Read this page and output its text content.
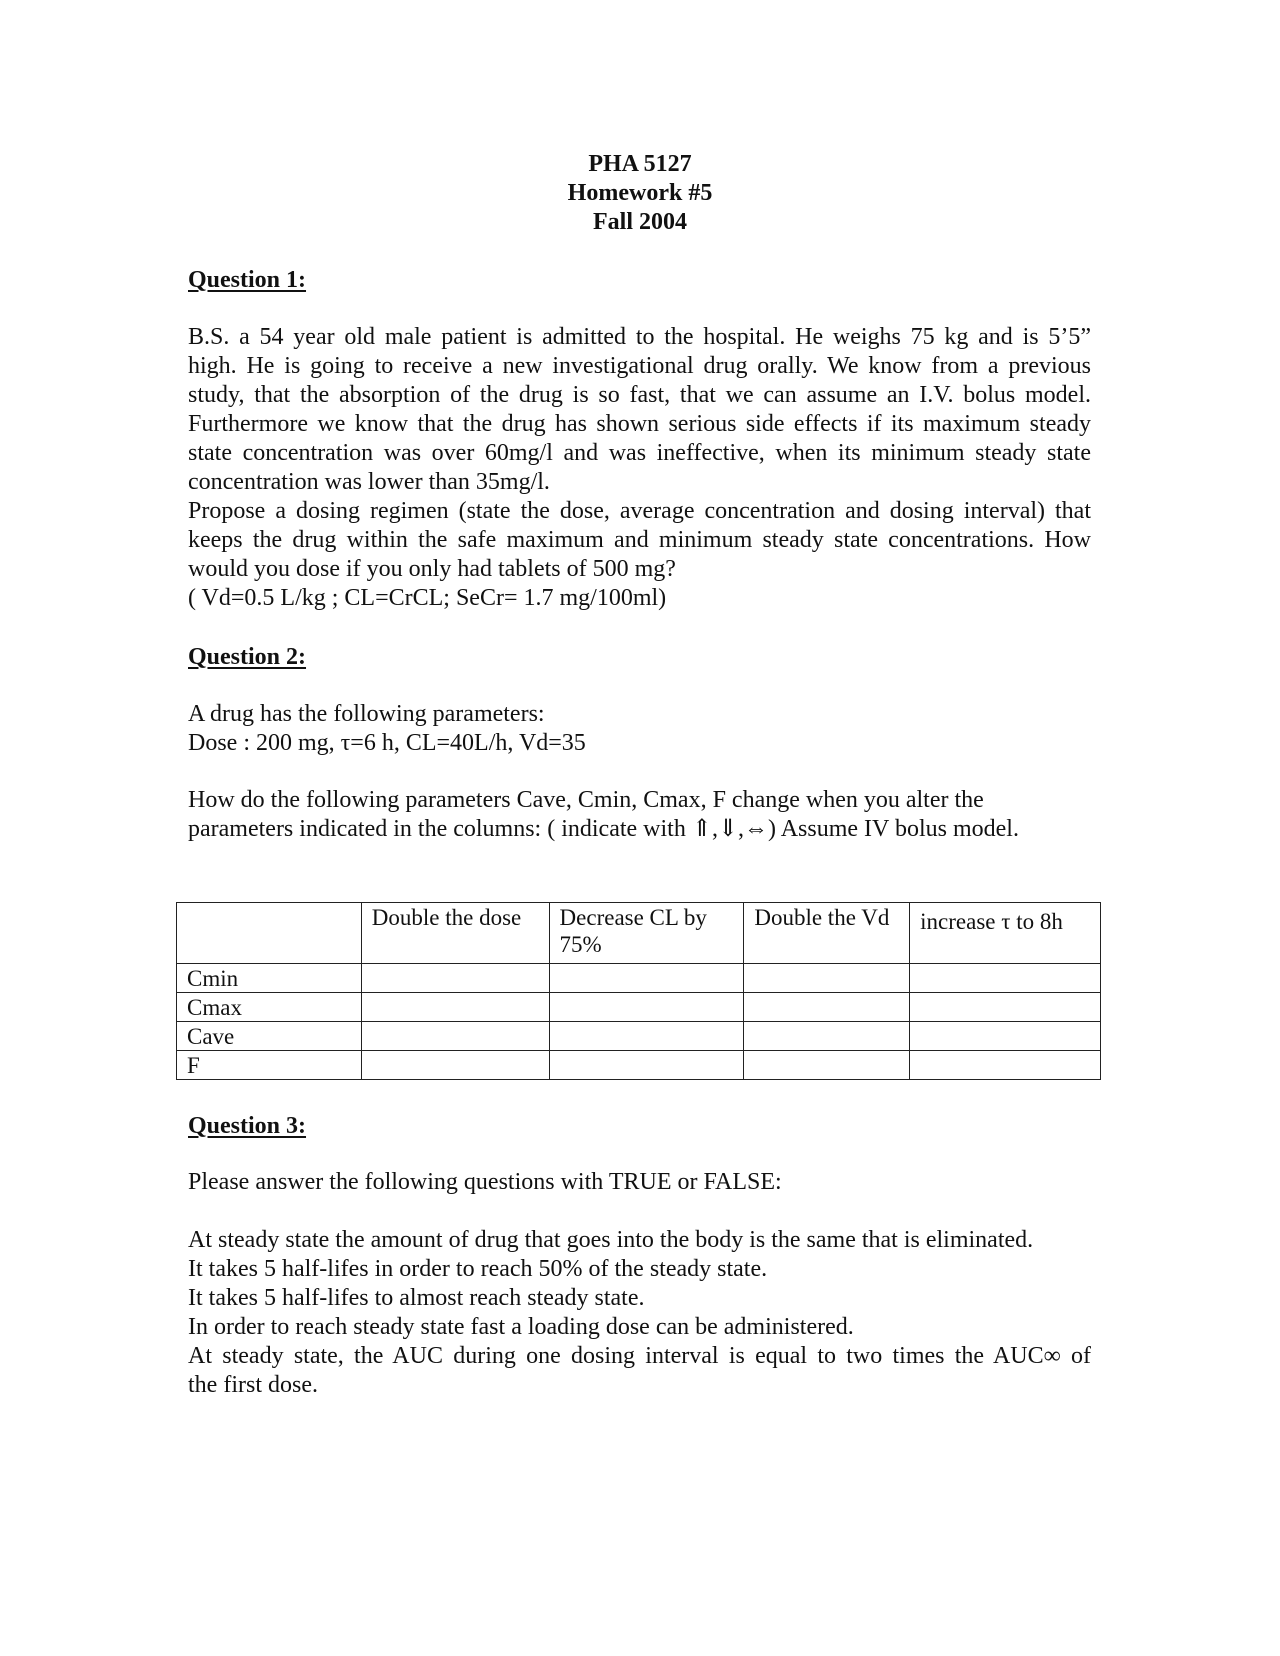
PHA 5127
Homework #5
Fall 2004
Question 1:
B.S. a 54 year old male patient is admitted to the hospital. He weighs 75 kg and is 5’5”
high. He is going to receive a new investigational drug orally. We know from a previous
study, that the absorption of the drug is so fast, that we can assume an I.V. bolus model.
Furthermore we know that the drug has shown serious side effects if its maximum steady
state concentration was over 60mg/l and was ineffective, when its minimum steady state
concentration was lower than 35mg/l.
Propose a dosing regimen (state the dose, average concentration and dosing interval) that
keeps the drug within the safe maximum and minimum steady state concentrations. How
would you dose if you only had tablets of 500 mg?
( Vd=0.5 L/kg ; CL=CrCL; SeCr= 1.7 mg/100ml)
Question 2:
A drug has the following parameters:
Dose : 200 mg, τ=6 h, CL=40L/h, Vd=35
How do the following parameters Cave, Cmin, Cmax, F change when you alter the
parameters indicated in the columns: ( indicate with ⇑,⇓,⇔) Assume IV bolus model.
	Double the dose	Decrease CL by 75%	Double the Vd	increase τ to 8h
Cmin				
Cmax				
Cave				
F				
Question 3:
Please answer the following questions with TRUE or FALSE:
At steady state the amount of drug that goes into the body is the same that is eliminated.
It takes 5 half-lifes in order to reach 50% of the steady state.
It takes 5 half-lifes to almost reach steady state.
In order to reach steady state fast a loading dose can be administered.
At steady state, the AUC during one dosing interval is equal to two times the AUC∞ of
the first dose.
